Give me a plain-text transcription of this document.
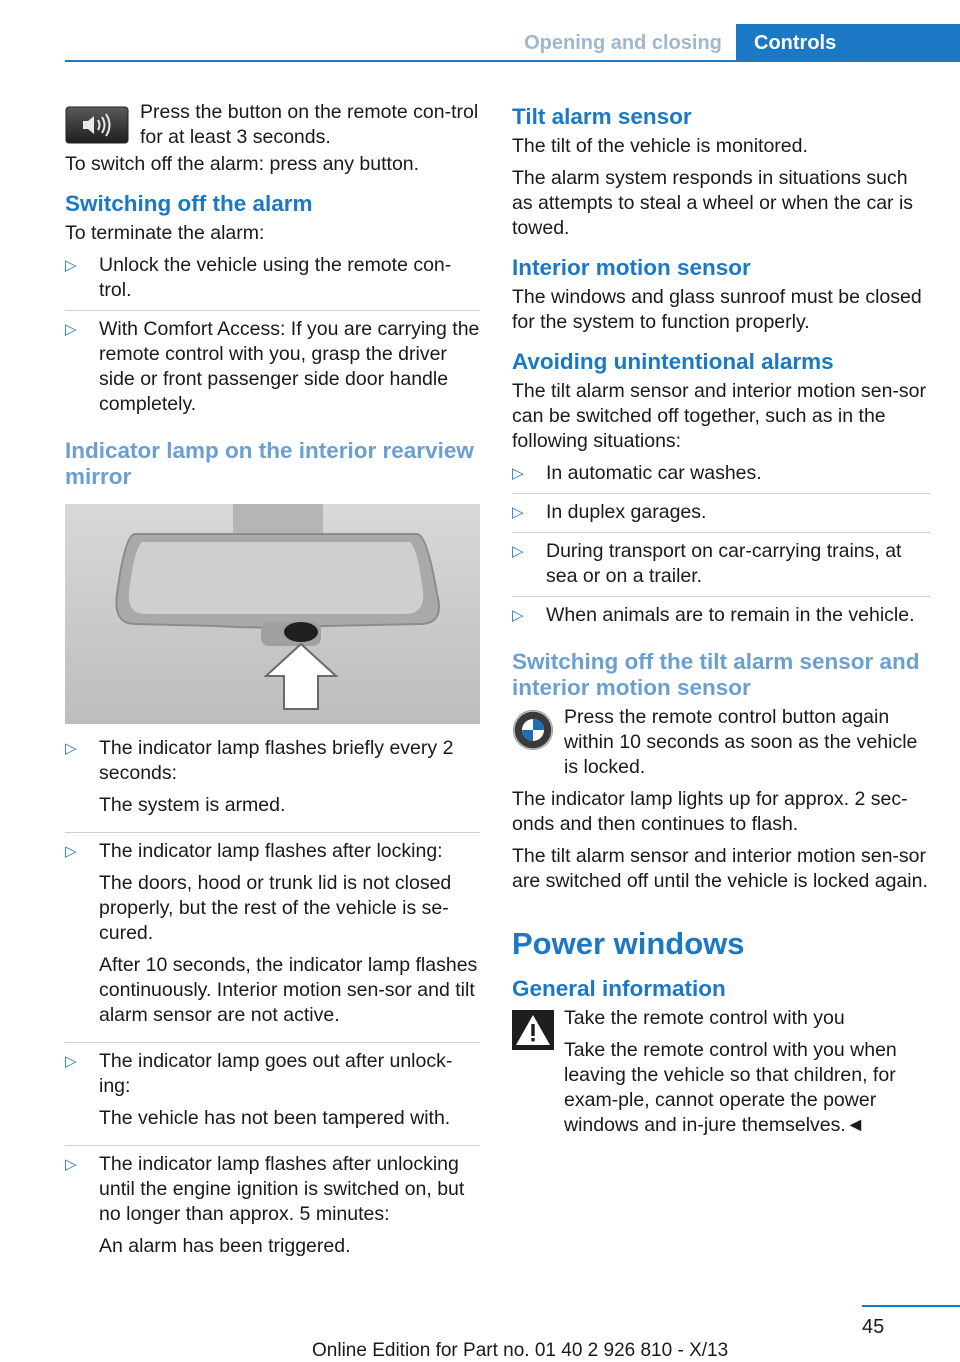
Opening and closing	Controls

Press the button on the remote con-trol for at least 3 seconds.

To switch off the alarm: press any button.

Switching off the alarm

To terminate the alarm:

▷ Unlock the vehicle using the remote con-trol.
▷ With Comfort Access: If you are carrying the remote control with you, grasp the driver side or front passenger side door handle completely.
Indicator lamp on the interior rearview mirror
▷ The indicator lamp flashes briefly every 2 seconds:

The system is armed.

▷ The indicator lamp flashes after locking:

The doors, hood or trunk lid is not closed properly, but the rest of the vehicle is se-cured.

After 10 seconds, the indicator lamp flashes continuously. Interior motion sen-sor and tilt alarm sensor are not active.

▷ The indicator lamp goes out after unlock-ing:

The vehicle has not been tampered with.

▷ The indicator lamp flashes after unlocking until the engine ignition is switched on, but no longer than approx. 5 minutes:

An alarm has been triggered.

Tilt alarm sensor

The tilt of the vehicle is monitored.

The alarm system responds in situations such as attempts to steal a wheel or when the car is towed.

Interior motion sensor

The windows and glass sunroof must be closed for the system to function properly.

Avoiding unintentional alarms

The tilt alarm sensor and interior motion sen-sor can be switched off together, such as in the following situations:

▷ In automatic car washes.
▷ In duplex garages.
▷ During transport on car-carrying trains, at sea or on a trailer.
▷ When animals are to remain in the vehicle.
Switching off the tilt alarm sensor and interior motion sensor

Press the remote control button again within 10 seconds as soon as the vehicle is locked.

The indicator lamp lights up for approx. 2 sec-onds and then continues to flash.

The tilt alarm sensor and interior motion sen-sor are switched off until the vehicle is locked again.

Power windows
General information

Take the remote control with you

Take the remote control with you when leaving the vehicle so that children, for exam-ple, cannot operate the power windows and in-jure themselves.◄

45
Online Edition for Part no. 01 40 2 926 810 - X/13
